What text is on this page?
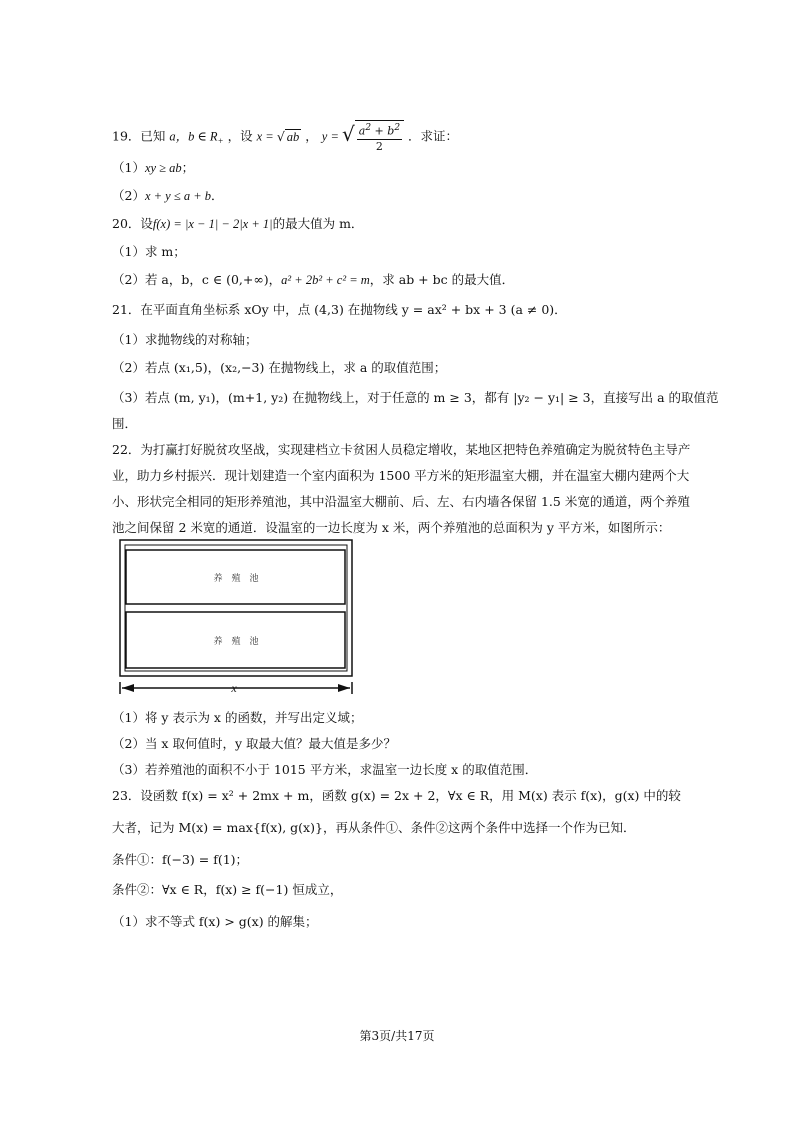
19．已知 a，b ∈ $R_+$ ，设 x = √ ab ， y = √ $\frac{a^2 + b^2}{2}$ ．求证：
（1）xy ≥ ab；
（2）x + y ≤ a + b．
20．设f(x) = |x − 1| − 2|x + 1|的最大值为 m．
（1）求 m；
（2）若 a，b，c ∈ (0,+∞)，a² + 2b² + c² = m，求 ab + bc 的最大值．
21．在平面直角坐标系 xOy 中，点 (4,3) 在抛物线 y = ax² + bx + 3 (a ≠ 0)．
（1）求抛物线的对称轴；
（2）若点 (x₁,5)，(x₂,−3) 在抛物线上，求 a 的取值范围；
（3）若点 (m, y₁)，(m+1, y₂) 在抛物线上，对于任意的 m ≥ 3，都有 |y₂ − y₁| ≥ 3，直接写出 a 的取值范
围．
22．为打赢打好脱贫攻坚战，实现建档立卡贫困人员稳定增收，某地区把特色养殖确定为脱贫特色主导产
业，助力乡村振兴．现计划建造一个室内面积为 1500 平方米的矩形温室大棚，并在温室大棚内建两个大
小、形状完全相同的矩形养殖池，其中沿温室大棚前、后、左、右内墙各保留 1.5 米宽的通道，两个养殖
池之间保留 2 米宽的通道．设温室的一边长度为 x 米，两个养殖池的总面积为 y 平方米，如图所示：
养　殖　池
养　殖　池
x
（1）将 y 表示为 x 的函数，并写出定义域；
（2）当 x 取何值时，y 取最大值？最大值是多少？
（3）若养殖池的面积不小于 1015 平方米，求温室一边长度 x 的取值范围．
23．设函数 f(x) = x² + 2mx + m，函数 g(x) = 2x + 2，∀x ∈ R，用 M(x) 表示 f(x)，g(x) 中的较
大者，记为 M(x) = max{f(x), g(x)}，再从条件①、条件②这两个条件中选择一个作为已知．
条件①：f(−3) = f(1)；
条件②：∀x ∈ R，f(x) ≥ f(−1) 恒成立，
（1）求不等式 f(x) > g(x) 的解集；
第3页/共17页
